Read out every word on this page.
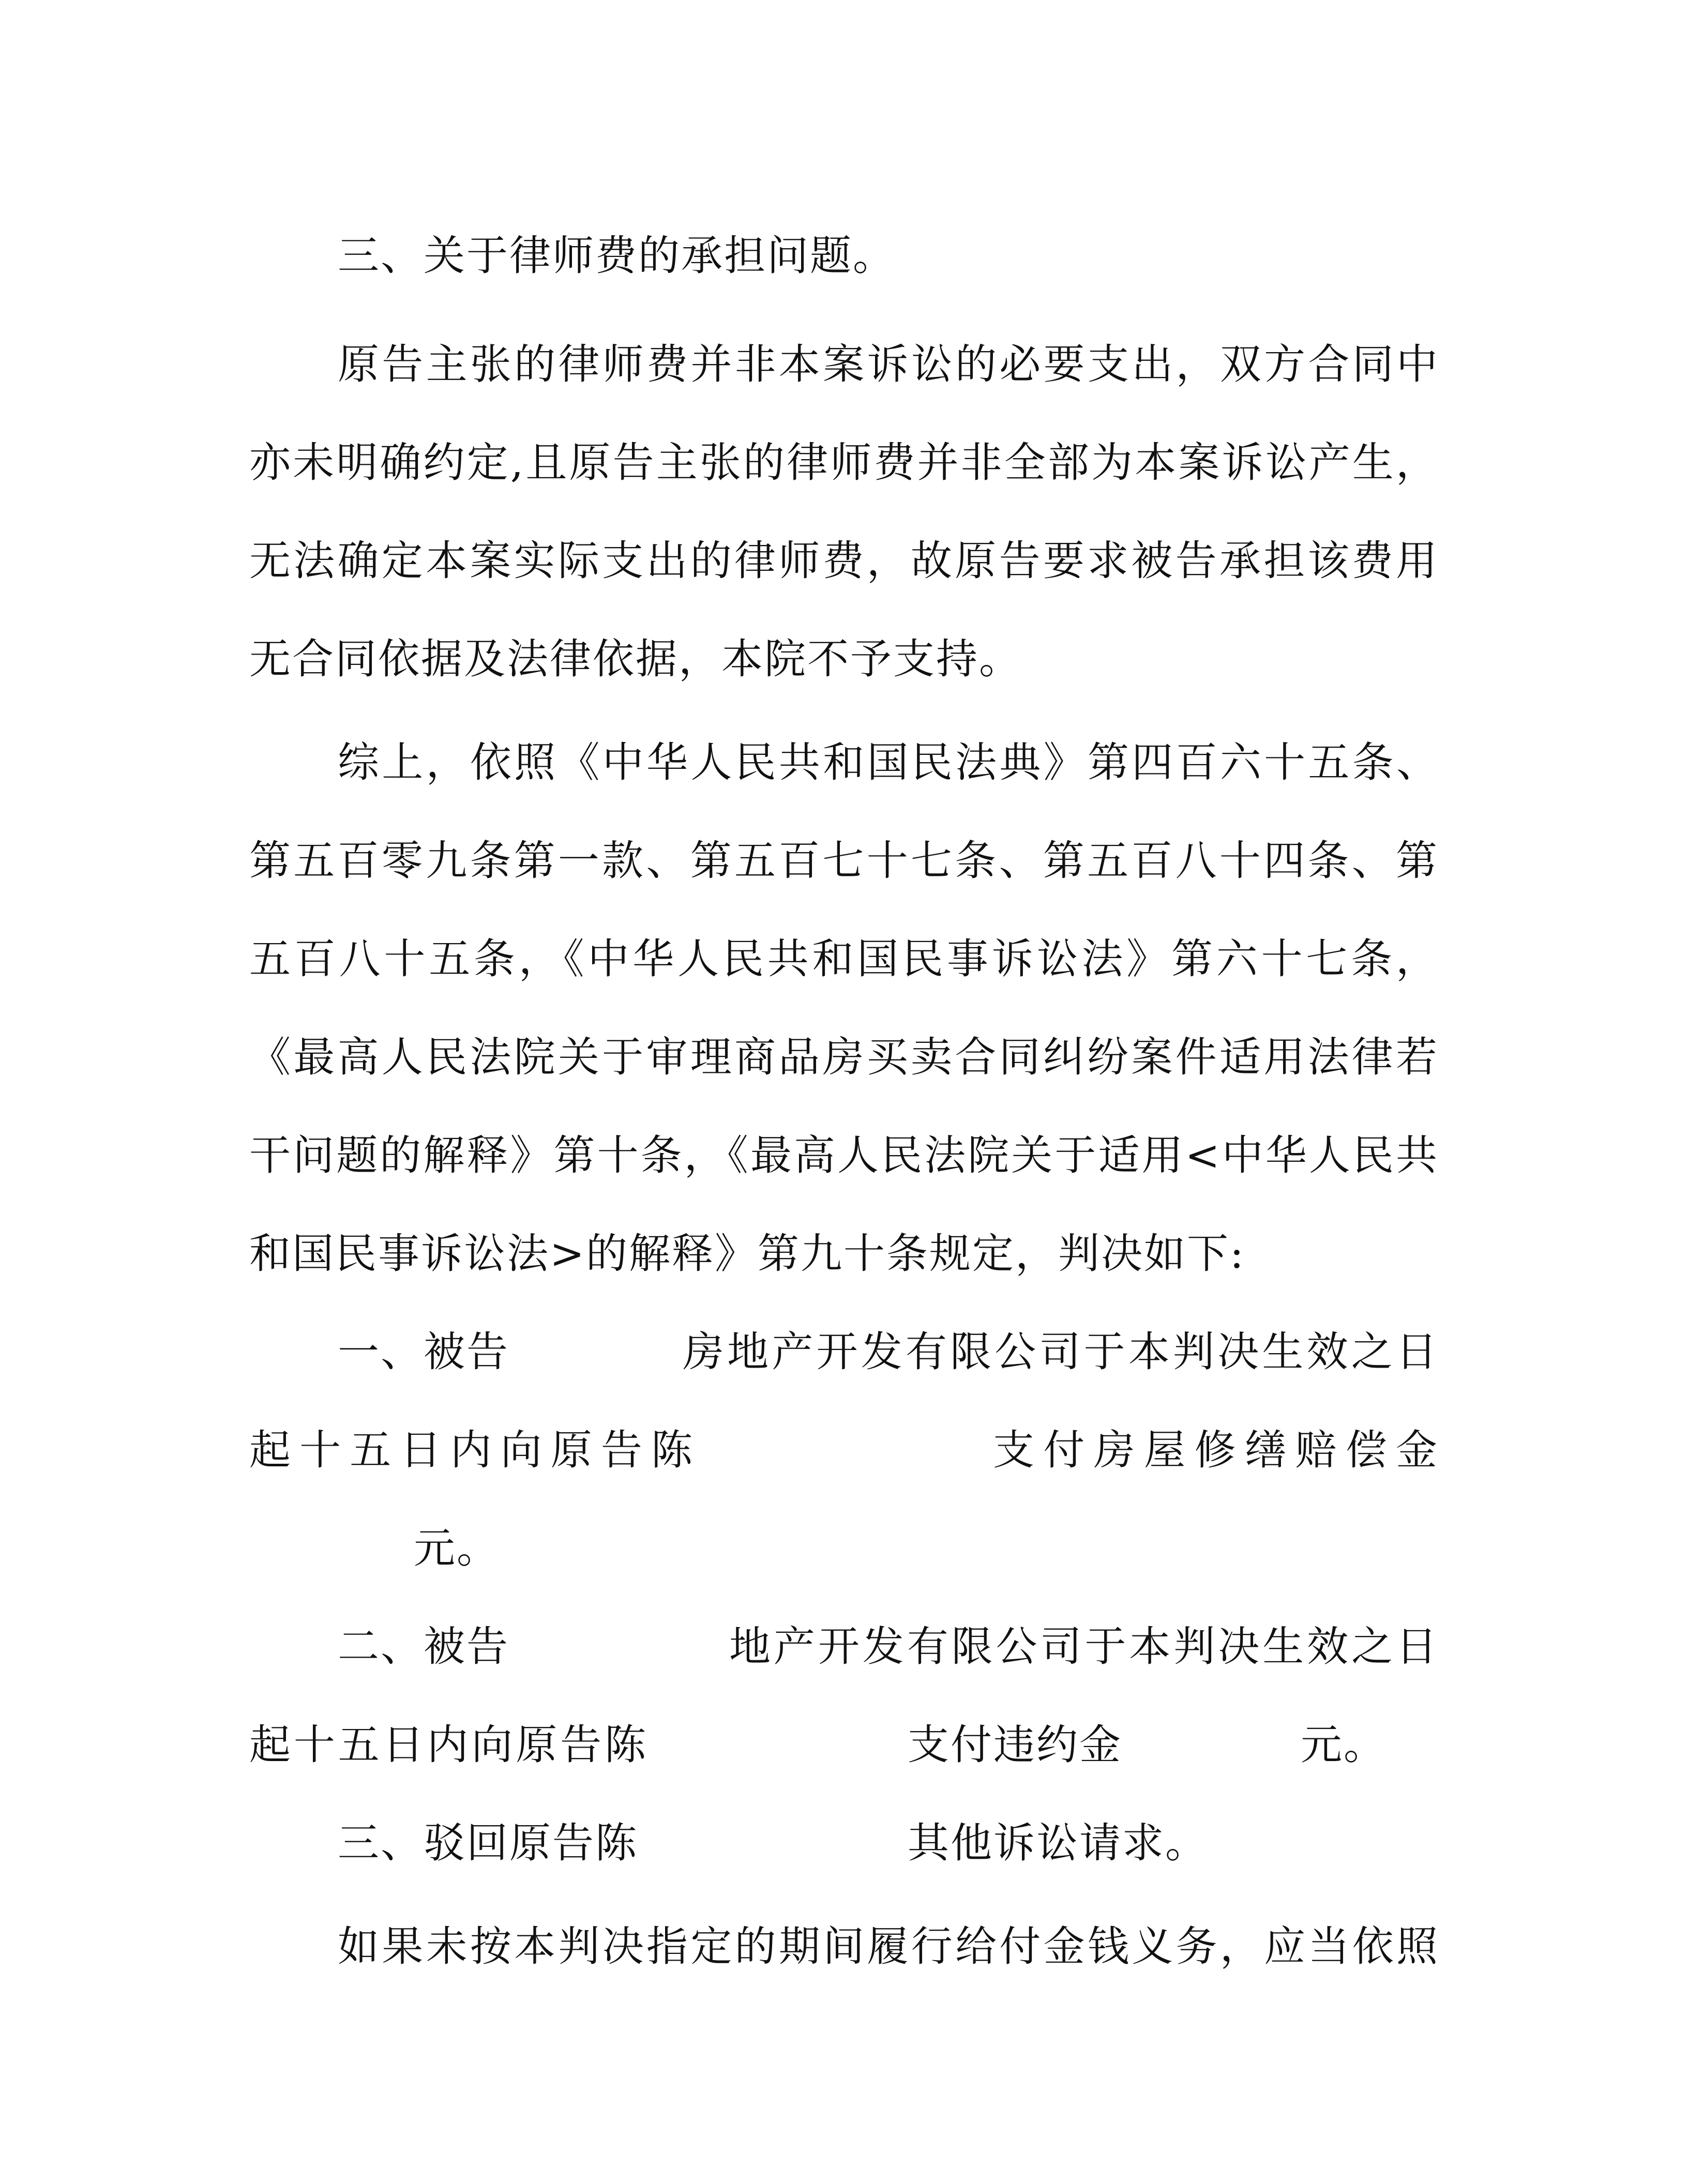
三、关于律师费的承担问题。
原告主张的律师费并非本案诉讼的必要支出，双方合同中
亦未明确约定,且原告主张的律师费并非全部为本案诉讼产生，
无法确定本案实际支出的律师费，故原告要求被告承担该费用
无合同依据及法律依据，本院不予支持。
综上，依照《中华人民共和国民法典》第四百六十五条、
第五百零九条第一款、第五百七十七条、第五百八十四条、第
五百八十五条，《中华人民共和国民事诉讼法》第六十七条，
《最高人民法院关于审理商品房买卖合同纠纷案件适用法律若
干问题的解释》第十条，《最高人民法院关于适用<中华人民共
和国民事诉讼法>的解释》第九十条规定，判决如下:
一、被告	房地产开发有限公司于本判决生效之日
起十五日内向原告陈	支付房屋修缮赔偿金
元。
二、被告	地产开发有限公司于本判决生效之日
起十五日内向原告陈	支付违约金	元。
三、驳回原告陈	其他诉讼请求。
如果未按本判决指定的期间履行给付金钱义务，应当依照
